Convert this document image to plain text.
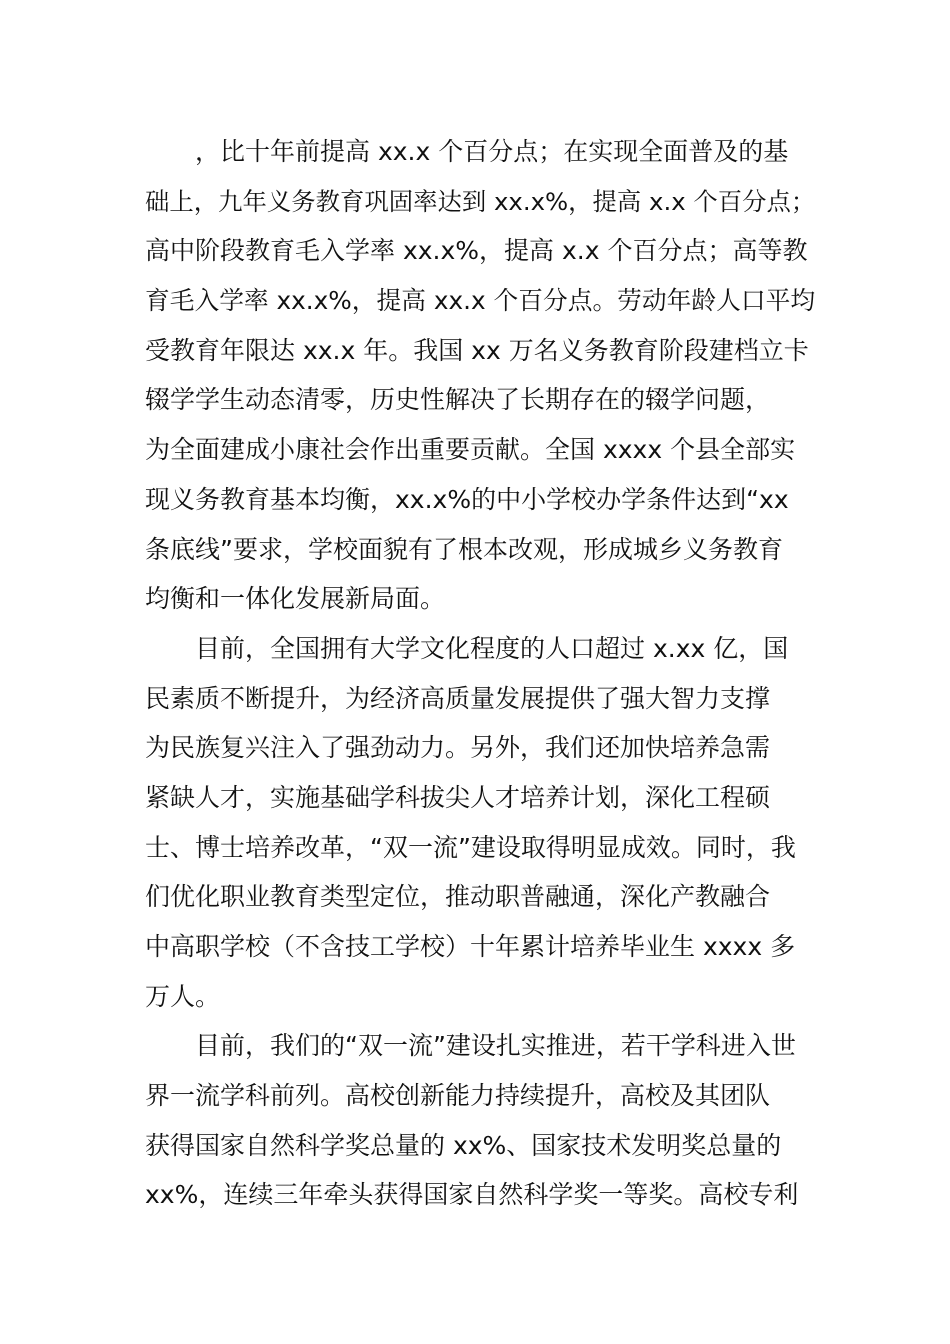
，比十年前提高 xx.x 个百分点；在实现全面普及的基
础上，九年义务教育巩固率达到 xx.x%，提高 x.x 个百分点；
高中阶段教育毛入学率 xx.x%，提高 x.x 个百分点；高等教
育毛入学率 xx.x%，提高 xx.x 个百分点。劳动年龄人口平均
受教育年限达 xx.x 年。我国 xx 万名义务教育阶段建档立卡
辍学学生动态清零，历史性解决了长期存在的辍学问题，
为全面建成小康社会作出重要贡献。全国 xxxx 个县全部实
现义务教育基本均衡，xx.x%的中小学校办学条件达到“xx
条底线”要求，学校面貌有了根本改观，形成城乡义务教育
均衡和一体化发展新局面。
目前，全国拥有大学文化程度的人口超过 x.xx 亿，国
民素质不断提升，为经济高质量发展提供了强大智力支撑
为民族复兴注入了强劲动力。另外，我们还加快培养急需
紧缺人才，实施基础学科拔尖人才培养计划，深化工程硕
士、博士培养改革，“双一流”建设取得明显成效。同时，我
们优化职业教育类型定位，推动职普融通，深化产教融合
中高职学校（不含技工学校）十年累计培养毕业生 xxxx 多
万人。
目前，我们的“双一流”建设扎实推进，若干学科进入世
界一流学科前列。高校创新能力持续提升，高校及其团队
获得国家自然科学奖总量的 xx%、国家技术发明奖总量的
xx%，连续三年牵头获得国家自然科学奖一等奖。高校专利
